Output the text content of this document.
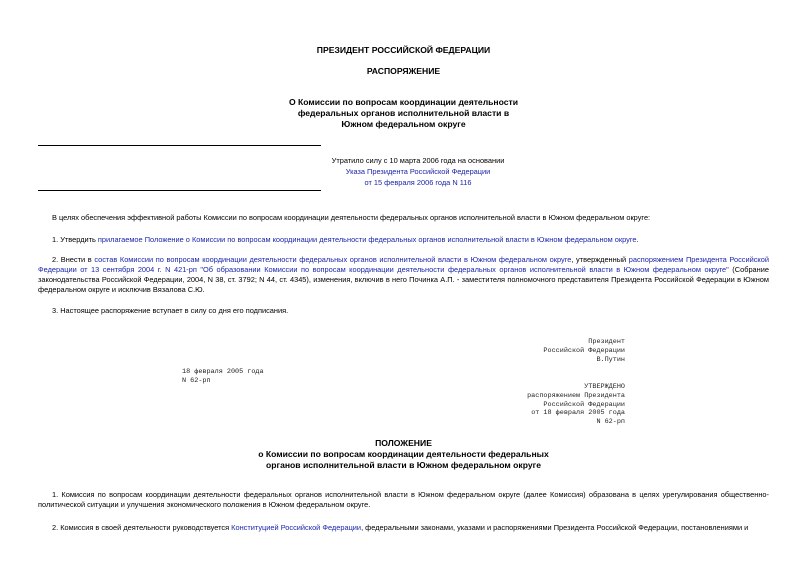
ПРЕЗИДЕНТ РОССИЙСКОЙ ФЕДЕРАЦИИ
РАСПОРЯЖЕНИЕ
О Комиссии по вопросам координации деятельности
федеральных органов исполнительной власти в
Южном федеральном округе
Утратило силу с 10 марта 2006 года на основании
Указа Президента Российской Федерации
от 15 февраля 2006 года N 116
В целях обеспечения эффективной работы Комиссии по вопросам координации деятельности федеральных органов исполнительной власти в Южном федеральном округе:
1. Утвердить прилагаемое Положение о Комиссии по вопросам координации деятельности федеральных органов исполнительной власти в Южном федеральном округе.
2. Внести в состав Комиссии по вопросам координации деятельности федеральных органов исполнительной власти в Южном федеральном округе, утвержденный распоряжением Президента Российской Федерации от 13 сентября 2004 г. N 421-рп "Об образовании Комиссии по вопросам координации деятельности федеральных органов исполнительной власти в Южном федеральном округе" (Собрание законодательства Российской Федерации, 2004, N 38, ст. 3792; N 44, ст. 4345), изменения, включив в него Починка А.П. - заместителя полномочного представителя Президента Российской Федерации в Южном федеральном округе и исключив Вязалова С.Ю.
3. Настоящее распоряжение вступает в силу со дня его подписания.
Президент
Российской Федерации
В.Путин
18 февраля 2005 года
N 62-рп
УТВЕРЖДЕНО
распоряжением Президента
Российской Федерации
от 18 февраля 2005 года
N 62-рп
ПОЛОЖЕНИЕ
о Комиссии по вопросам координации деятельности федеральных
органов исполнительной власти в Южном федеральном округе
1. Комиссия по вопросам координации деятельности федеральных органов исполнительной власти в Южном федеральном округе (далее Комиссия) образована в целях урегулирования общественно-политической ситуации и улучшения экономического положения в Южном федеральном округе.
2. Комиссия в своей деятельности руководствуется Конституцией Российской Федерации, федеральными законами, указами и распоряжениями Президента Российской Федерации, постановлениями и
